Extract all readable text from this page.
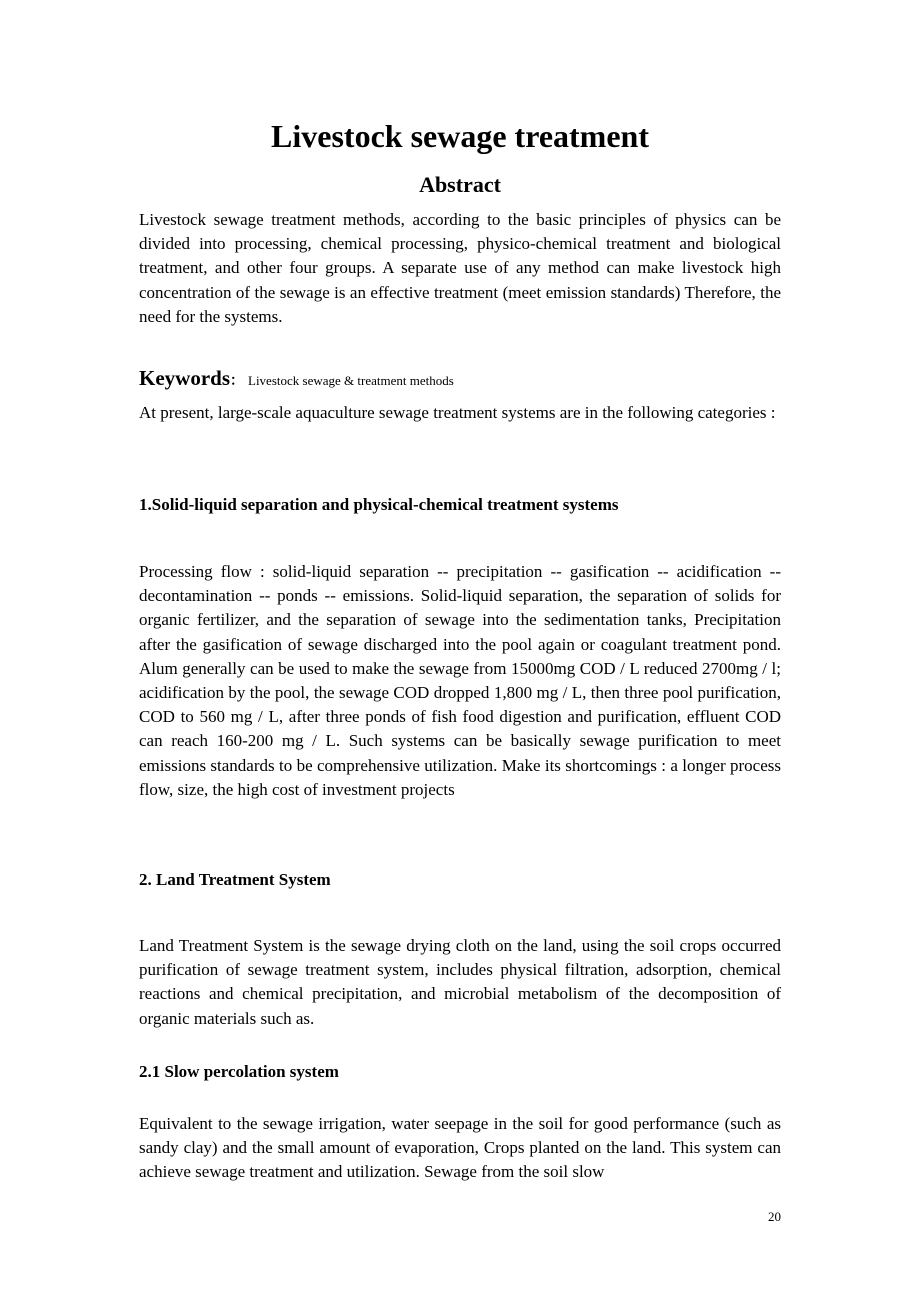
Livestock sewage treatment
Abstract

Livestock sewage treatment methods, according to the basic principles of physics can be divided into processing, chemical processing, physico-chemical treatment and biological treatment, and other four groups. A separate use of any method can make livestock high concentration of the sewage is an effective treatment (meet emission standards) Therefore, the need for the systems.

Keywords： Livestock sewage & treatment methods

At present, large-scale aquaculture sewage treatment systems are in the following categories :

1.Solid-liquid separation and physical-chemical treatment systems

Processing flow : solid-liquid separation -- precipitation -- gasification -- acidification -- decontamination -- ponds -- emissions. Solid-liquid separation, the separation of solids for organic fertilizer, and the separation of sewage into the sedimentation tanks, Precipitation after the gasification of sewage discharged into the pool again or coagulant treatment pond. Alum generally can be used to make the sewage from 15000mg COD / L reduced 2700mg / l; acidification by the pool, the sewage COD dropped 1,800 mg / L, then three pool purification, COD to 560 mg / L, after three ponds of fish food digestion and purification, effluent COD can reach 160-200 mg / L. Such systems can be basically sewage purification to meet emissions standards to be comprehensive utilization. Make its shortcomings : a longer process flow, size, the high cost of investment projects

2. Land Treatment System

Land Treatment System is the sewage drying cloth on the land, using the soil crops occurred purification of sewage treatment system, includes physical filtration, adsorption, chemical reactions and chemical precipitation, and microbial metabolism of the decomposition of organic materials such as.

2.1 Slow percolation system

Equivalent to the sewage irrigation, water seepage in the soil for good performance (such as sandy clay) and the small amount of evaporation, Crops planted on the land. This system can achieve sewage treatment and utilization. Sewage from the soil slow

20
